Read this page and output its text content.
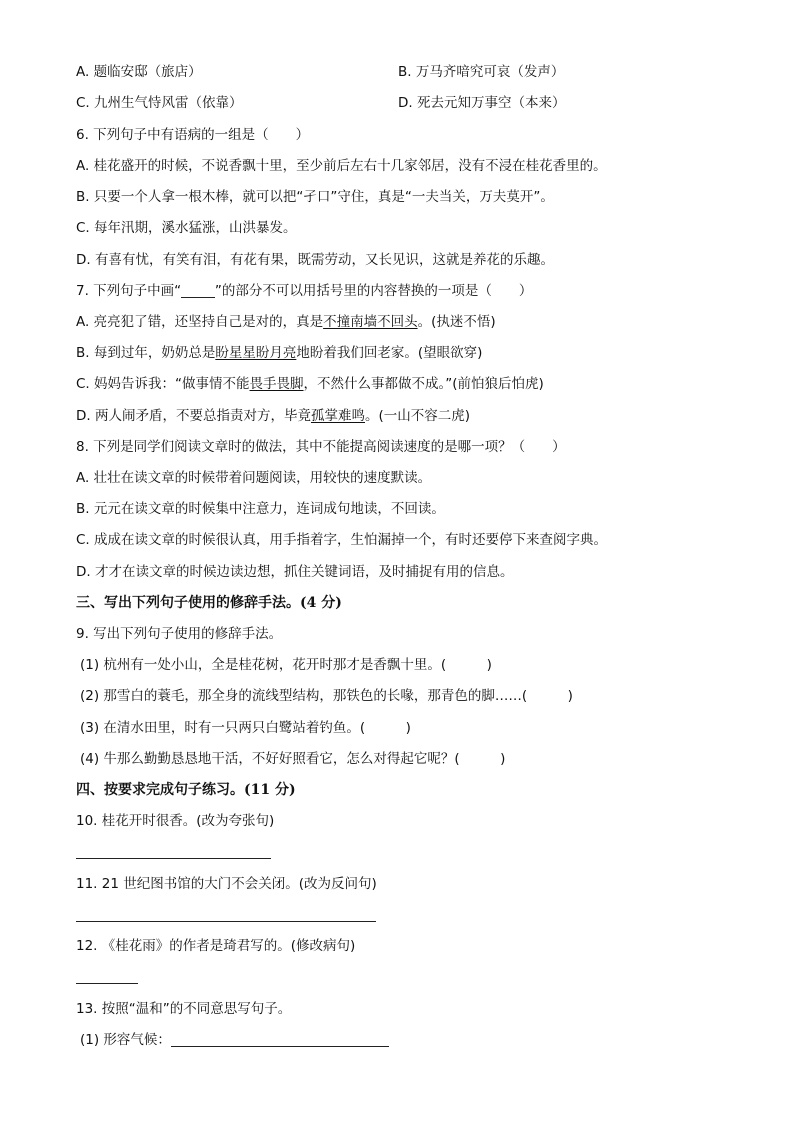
A. 题临安邸（旅店）	B. 万马齐喑究可哀（发声）
C. 九州生气恃风雷（依靠）	D. 死去元知万事空（本来）
6. 下列句子中有语病的一组是（　　）
A. 桂花盛开的时候，不说香飘十里，至少前后左右十几家邻居，没有不浸在桂花香里的。
B. 只要一个人拿一根木棒，就可以把“孑口”守住，真是“一夫当关，万夫莫开”。
C. 每年汛期，溪水猛涨，山洪暴发。
D. 有喜有忧，有笑有泪，有花有果，既需劳动，又长见识，这就是养花的乐趣。
7. 下列句子中画“_____”的部分不可以用括号里的内容替换的一项是（　　）
A. 亮亮犯了错，还坚持自己是对的，真是不撞南墙不回头。(执迷不悟)
B. 每到过年，奶奶总是盼星星盼月亮地盼着我们回老家。(望眼欲穿)
C. 妈妈告诉我：“做事情不能畏手畏脚，不然什么事都做不成。”(前怕狼后怕虎)
D. 两人闹矛盾，不要总指责对方，毕竟孤掌难鸣。(一山不容二虎)
8. 下列是同学们阅读文章时的做法，其中不能提高阅读速度的是哪一项？（　　）
A. 壮壮在读文章的时候带着问题阅读，用较快的速度默读。
B. 元元在读文章的时候集中注意力，连词成句地读，不回读。
C. 成成在读文章的时候很认真，用手指着字，生怕漏掉一个，有时还要停下来查阅字典。
D. 才才在读文章的时候边读边想，抓住关键词语，及时捕捉有用的信息。
三、写出下列句子使用的修辞手法。(4 分)
9. 写出下列句子使用的修辞手法。
(1) 杭州有一处小山，全是桂花树，花开时那才是香飘十里。(　　　)
(2) 那雪白的蓑毛，那全身的流线型结构，那铁色的长喙，那青色的脚……(　　　)
(3) 在清水田里，时有一只两只白鹭站着钓鱼。(　　　)
(4) 牛那么勤勤恳恳地干活，不好好照看它，怎么对得起它呢？(　　　)
四、按要求完成句子练习。(11 分)
10. 桂花开时很香。(改为夸张句)
11. 21 世纪图书馆的大门不会关闭。(改为反问句)
12. 《桂花雨》的作者是琦君写的。(修改病句)
13. 按照“温和”的不同意思写句子。
(1) 形容气候：
